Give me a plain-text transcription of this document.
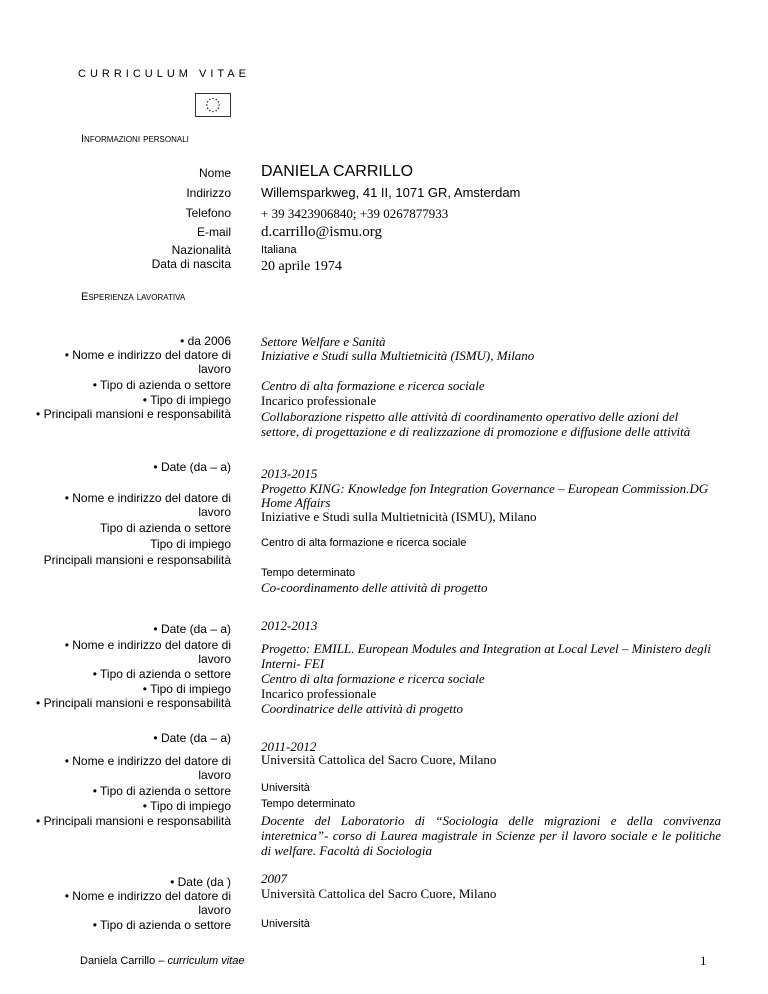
CURRICULUM VITAE
Informazioni personali
Nome DANIELA CARRILLO
Indirizzo Willemsparkweg, 41 II, 1071 GR, Amsterdam
Telefono + 39 3423906840; +39 0267877933
E-mail d.carrillo@ismu.org
Nazionalità	Italiana
Data di nascita 20 aprile 1974
Esperienza lavorativa
• da 2006
• Nome e indirizzo del datore di
lavoro
• Tipo di azienda o settore
• Tipo di impiego
• Principali mansioni e responsabilità
Settore Welfare e Sanità
Iniziative e Studi sulla Multietnicità (ISMU), Milano
Centro di alta formazione e ricerca sociale
Incarico professionale
Collaborazione rispetto alle attività di coordinamento operativo delle azioni del
settore, di progettazione e di realizzazione di promozione e diffusione delle attività
• Date (da – a)
• Nome e indirizzo del datore di
lavoro
Tipo di azienda o settore
Tipo di impiego
Principali mansioni e responsabilità
2013-2015
Progetto KING: Knowledge fon Integration Governance – European Commission.DG
Home Affairs
Iniziative e Studi sulla Multietnicità (ISMU), Milano
Centro di alta formazione e ricerca sociale
Tempo determinato
Co-coordinamento delle attività di progetto
• Date (da – a)
• Nome e indirizzo del datore di
lavoro
• Tipo di azienda o settore
• Tipo di impiego
• Principali mansioni e responsabilità
2012-2013
Progetto: EMILL. European Modules and Integration at Local Level – Ministero degli
Interni- FEI
Centro di alta formazione e ricerca sociale
Incarico professionale
Coordinatrice delle attività di progetto
• Date (da – a)
• Nome e indirizzo del datore di
lavoro
• Tipo di azienda o settore
• Tipo di impiego
• Principali mansioni e responsabilità
2011-2012
Università Cattolica del Sacro Cuore, Milano
Università
Tempo determinato
Docente del Laboratorio di “Sociologia delle migrazioni e della convivenza
interetnica”- corso di Laurea magistrale in Scienze per il lavoro sociale e le politiche
di welfare. Facoltà di Sociologia
• Date (da )
• Nome e indirizzo del datore di
lavoro
• Tipo di azienda o settore
2007
Università Cattolica del Sacro Cuore, Milano
Università
Daniela Carrillo – curriculum vitae	1
